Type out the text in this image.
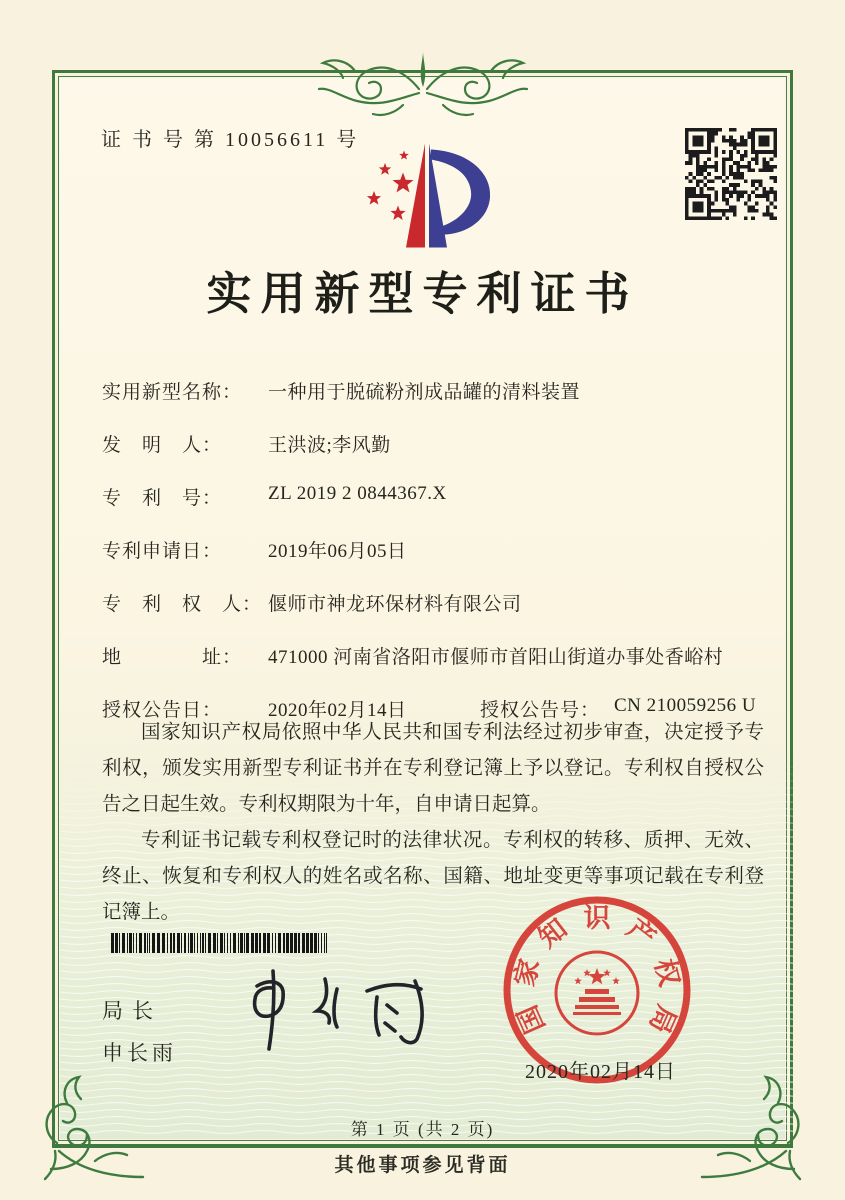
证 书 号 第 10056611 号
实用新型专利证书
实用新型名称： 一种用于脱硫粉剂成品罐的清料装置
发　明　人： 王洪波;李风勤
专　利　号： ZL 2019 2 0844367.X
专利申请日： 2019年06月05日
专　利　权　人： 偃师市神龙环保材料有限公司
地　　　　址： 471000 河南省洛阳市偃师市首阳山街道办事处香峪村
授权公告日： 2020年02月14日	授权公告号： CN 210059256 U

国家知识产权局依照中华人民共和国专利法经过初步审查，决定授予专利权，颁发实用新型专利证书并在专利登记簿上予以登记。专利权自授权公告之日起生效。专利权期限为十年，自申请日起算。

专利证书记载专利权登记时的法律状况。专利权的转移、质押、无效、终止、恢复和专利权人的姓名或名称、国籍、地址变更等事项记载在专利登记簿上。

局长
申长雨
国
家
知 识 产
权
局
2020年02月14日
第 1 页 (共 2 页)
其他事项参见背面
